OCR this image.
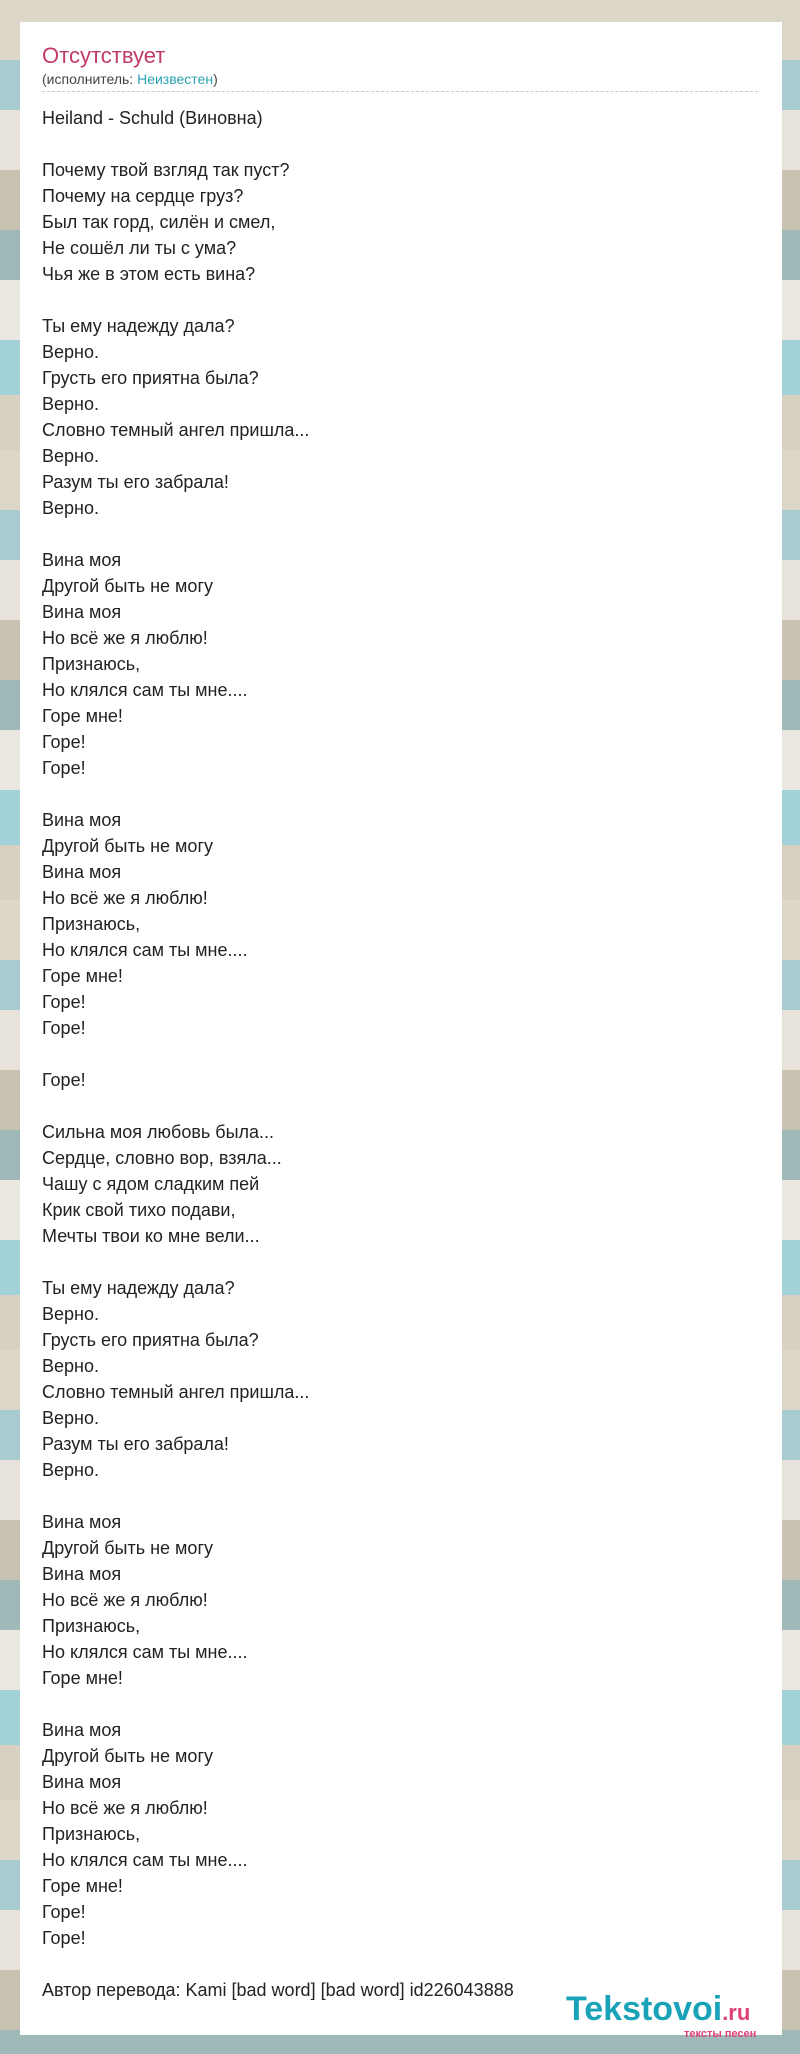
Отсутствует
(исполнитель: Неизвестен)
Heiland - Schuld (Виновна)
Почему твой взгляд так пуст?
Почему на сердце груз?
Был так горд, силён и смел,
Не сошёл ли ты с ума?
Чья же в этом есть вина?
Ты ему надежду дала?
Верно.
Грусть его приятна была?
Верно.
Словно темный ангел пришла...
Верно.
Разум ты его забрала!
Верно.
Вина моя
Другой быть не могу
Вина моя
Но всё же я люблю!
Признаюсь,
Но клялся сам ты мне....
Горе мне!
Горе!
Горе!
Вина моя
Другой быть не могу
Вина моя
Но всё же я люблю!
Признаюсь,
Но клялся сам ты мне....
Горе мне!
Горе!
Горе!
Горе!
Сильна моя любовь была...
Сердце, словно вор, взяла...
Чашу с ядом сладким пей
Крик свой тихо подави,
Мечты твои ко мне вели...
Ты ему надежду дала?
Верно.
Грусть его приятна была?
Верно.
Словно темный ангел пришла...
Верно.
Разум ты его забрала!
Верно.
Вина моя
Другой быть не могу
Вина моя
Но всё же я люблю!
Признаюсь,
Но клялся сам ты мне....
Горе мне!
Вина моя
Другой быть не могу
Вина моя
Но всё же я люблю!
Признаюсь,
Но клялся сам ты мне....
Горе мне!
Горе!
Горе!
Автор перевода: Kami [bad word] [bad word] id226043888 Tekstovoi.ru
тексты песен
